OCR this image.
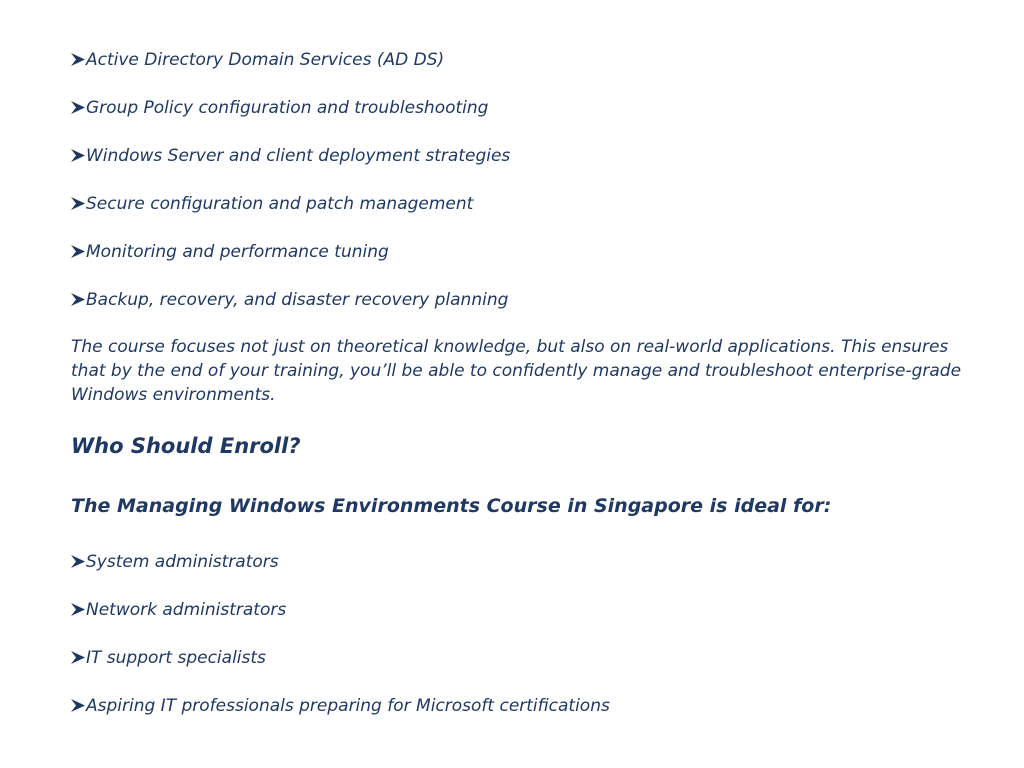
Active Directory Domain Services (AD DS)
Group Policy configuration and troubleshooting
Windows Server and client deployment strategies
Secure configuration and patch management
Monitoring and performance tuning
Backup, recovery, and disaster recovery planning

The course focuses not just on theoretical knowledge, but also on real-world applications. This ensures that by the end of your training, you’ll be able to confidently manage and troubleshoot enterprise-grade Windows environments.

Who Should Enroll?
The Managing Windows Environments Course in Singapore is ideal for:
System administrators
Network administrators
IT support specialists
Aspiring IT professionals preparing for Microsoft certifications
